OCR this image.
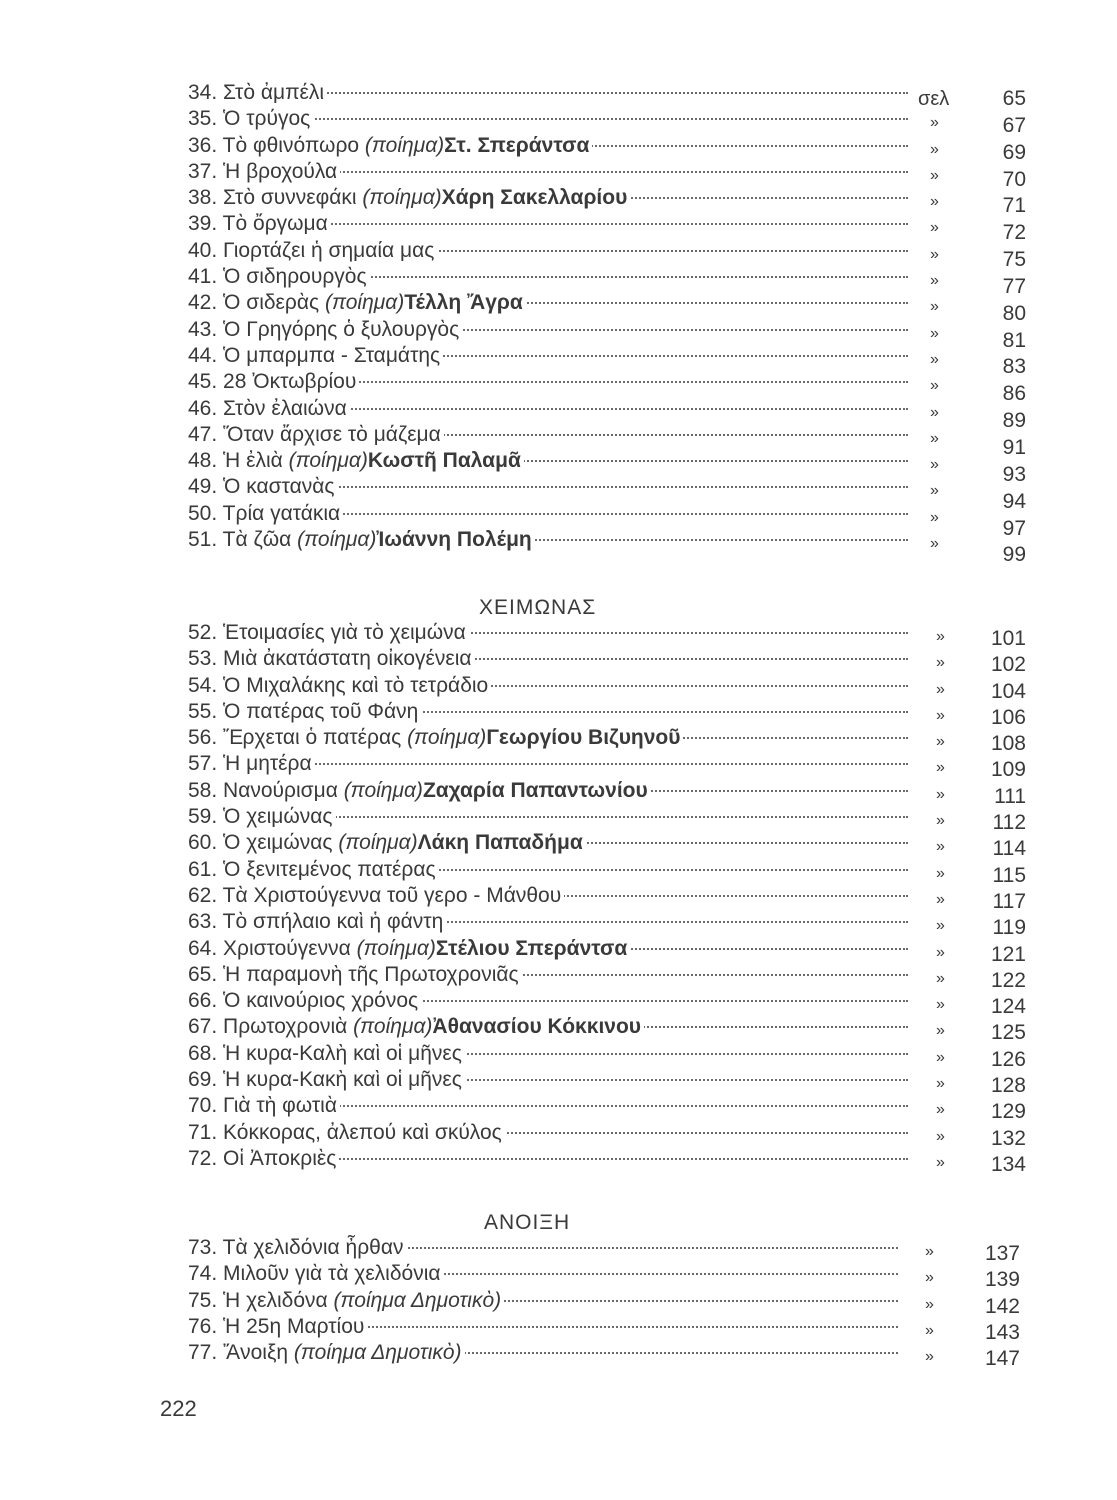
34. Στὸ ἀμπέλι	σελ	65
35. Ὁ τρύγος	»	67
36. Τὸ φθινόπωρο (ποίημα)Στ. Σπεράντσα	»	69
37. Ἡ βροχούλα	»	70
38. Στὸ συννεφάκι (ποίημα)Χάρη Σακελλαρίου	»	71
39. Τὸ ὄργωμα	»	72
40. Γιορτάζει ἡ σημαία μας	»	75
41. Ὁ σιδηρουργὸς	»	77
42. Ὁ σιδερὰς (ποίημα)Τέλλη Ἄγρα	»	80
43. Ὁ Γρηγόρης ὁ ξυλουργὸς	»	81
44. Ὁ μπαρμπα - Σταμάτης	»	83
45. 28 Ὀκτωβρίου	»	86
46. Στὸν ἐλαιώνα	»	89
47. Ὅταν ἄρχισε τὸ μάζεμα	»	91
48. Ἡ ἐλιὰ (ποίημα)Κωστῆ Παλαμᾶ	»	93
49. Ὁ καστανὰς	»	94
50. Τρία γατάκια	»	97
51. Τὰ ζῶα (ποίημα)Ἰωάννη Πολέμη	»	99
ΧΕΙΜΩΝΑΣ
52. Ἑτοιμασίες γιὰ τὸ χειμώνα	»	101
53. Μιὰ ἀκατάστατη οἰκογένεια	»	102
54. Ὁ Μιχαλάκης καὶ τὸ τετράδιο	»	104
55. Ὁ πατέρας τοῦ Φάνη	»	106
56. Ἔρχεται ὁ πατέρας (ποίημα)Γεωργίου Βιζυηνοῦ	»	108
57. Ἡ μητέρα	»	109
58. Νανούρισμα (ποίημα)Ζαχαρία Παπαντωνίου	»	111
59. Ὁ χειμώνας	»	112
60. Ὁ χειμώνας (ποίημα)Λάκη Παπαδήμα	»	114
61. Ὁ ξενιτεμένος πατέρας	»	115
62. Τὰ Χριστούγεννα τοῦ γερο - Μάνθου	»	117
63. Τὸ σπήλαιο καὶ ἡ φάντη	»	119
64. Χριστούγεννα (ποίημα)Στέλιου Σπεράντσα	»	121
65. Ἡ παραμονὴ τῆς Πρωτοχρονιᾶς	»	122
66. Ὁ καινούριος χρόνος	»	124
67. Πρωτοχρονιὰ (ποίημα)Ἀθανασίου Κόκκινου	»	125
68. Ἡ κυρα-Καλὴ καὶ οἱ μῆνες	»	126
69. Ἡ κυρα-Κακὴ καὶ οἱ μῆνες	»	128
70. Γιὰ τὴ φωτιὰ	»	129
71. Κόκκορας, ἀλεπού καὶ σκύλος	»	132
72. Οἱ Ἀποκριὲς	»	134
ΑΝΟΙΞΗ
73. Τὰ χελιδόνια ἦρθαν	»	137
74. Μιλοῦν γιὰ τὰ χελιδόνια	»	139
75. Ἡ χελιδόνα (ποίημα Δημοτικὸ)	»	142
76. Ἡ 25η Μαρτίου	»	143
77. Ἄνοιξη (ποίημα Δημοτικὸ)	»	147
222
